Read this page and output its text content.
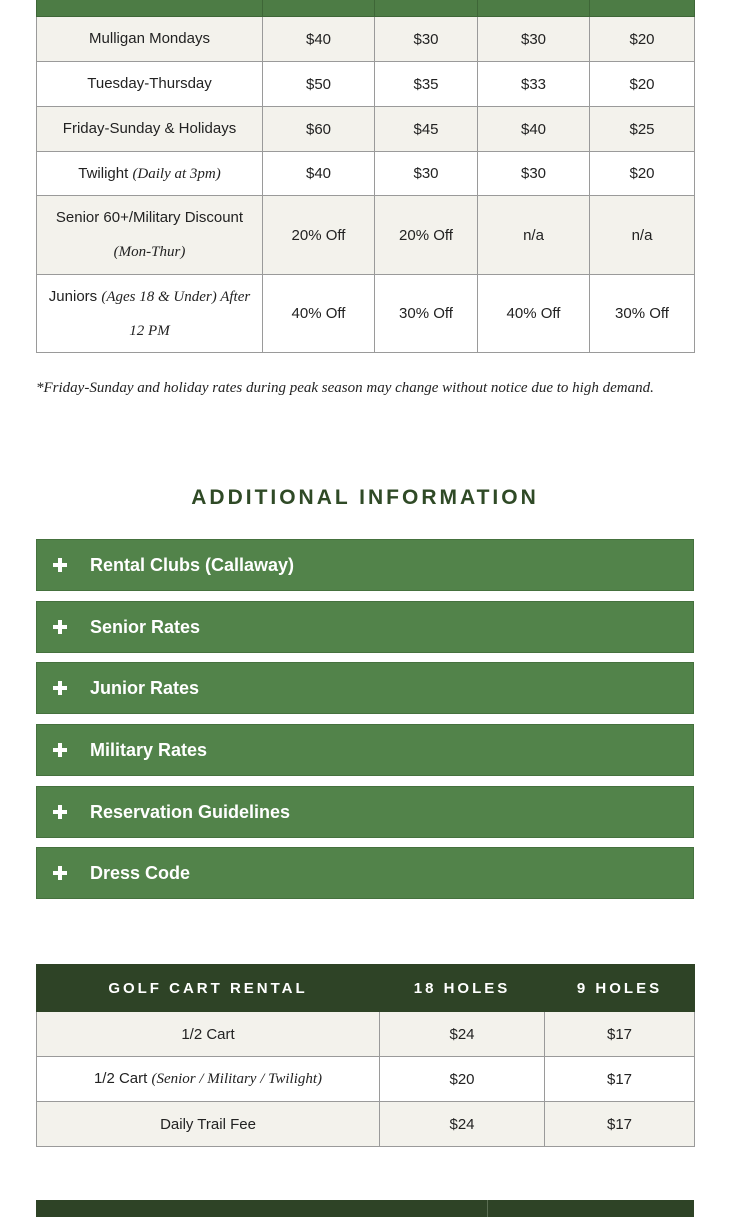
Mulligan Mondays	$40	$30	$30	$20
Tuesday-Thursday	$50	$35	$33	$20
Friday-Sunday & Holidays	$60	$45	$40	$25
Twilight (Daily at 3pm)	$40	$30	$30	$20
Senior 60+/Military Discount
(Mon-Thur)	20% Off	20% Off	n/a	n/a
Juniors (Ages 18 & Under) After 12 PM	40% Off	30% Off	40% Off	30% Off

*Friday-Sunday and holiday rates during peak season may change without notice due to high demand.

ADDITIONAL INFORMATION
Rental Clubs (Callaway)
Senior Rates
Junior Rates
Military Rates
Reservation Guidelines
Dress Code
GOLF CART RENTAL	18 HOLES	9 HOLES
1/2 Cart	$24	$17
1/2 Cart (Senior / Military / Twilight)	$20	$17
Daily Trail Fee	$24	$17
